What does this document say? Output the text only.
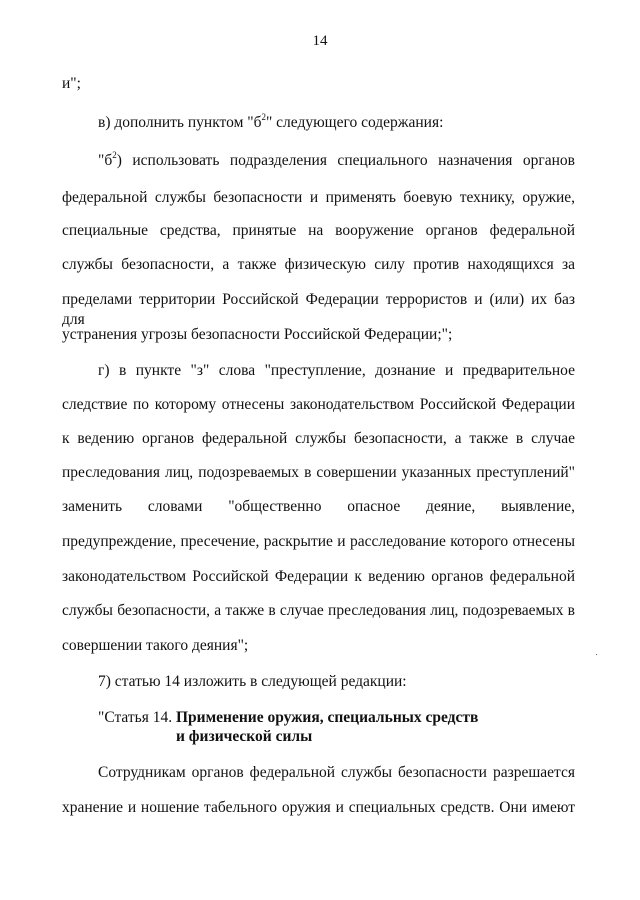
14
и";
в) дополнить пунктом "$б^2$" следующего содержания:
"$б^2$) использовать подразделения специального назначения органов
федеральной службы безопасности и применять боевую технику, оружие,
специальные средства, принятые на вооружение органов федеральной
службы безопасности, а также физическую силу против находящихся за
пределами территории Российской Федерации террористов и (или) их баз для
устранения угрозы безопасности Российской Федерации;";
г) в пункте "з" слова "преступление, дознание и предварительное
следствие по которому отнесены законодательством Российской Федерации
к ведению органов федеральной службы безопасности, а также в случае
преследования лиц, подозреваемых в совершении указанных преступлений"
заменить словами "общественно опасное деяние, выявление,
предупреждение, пресечение, раскрытие и расследование которого отнесены
законодательством Российской Федерации к ведению органов федеральной
службы безопасности, а также в случае преследования лиц, подозреваемых в
совершении такого деяния";
7) статью 14 изложить в следующей редакции:
"Статья 14. Применение оружия, специальных средств
и физической силы
Сотрудникам органов федеральной службы безопасности разрешается
хранение и ношение табельного оружия и специальных средств. Они имеют
